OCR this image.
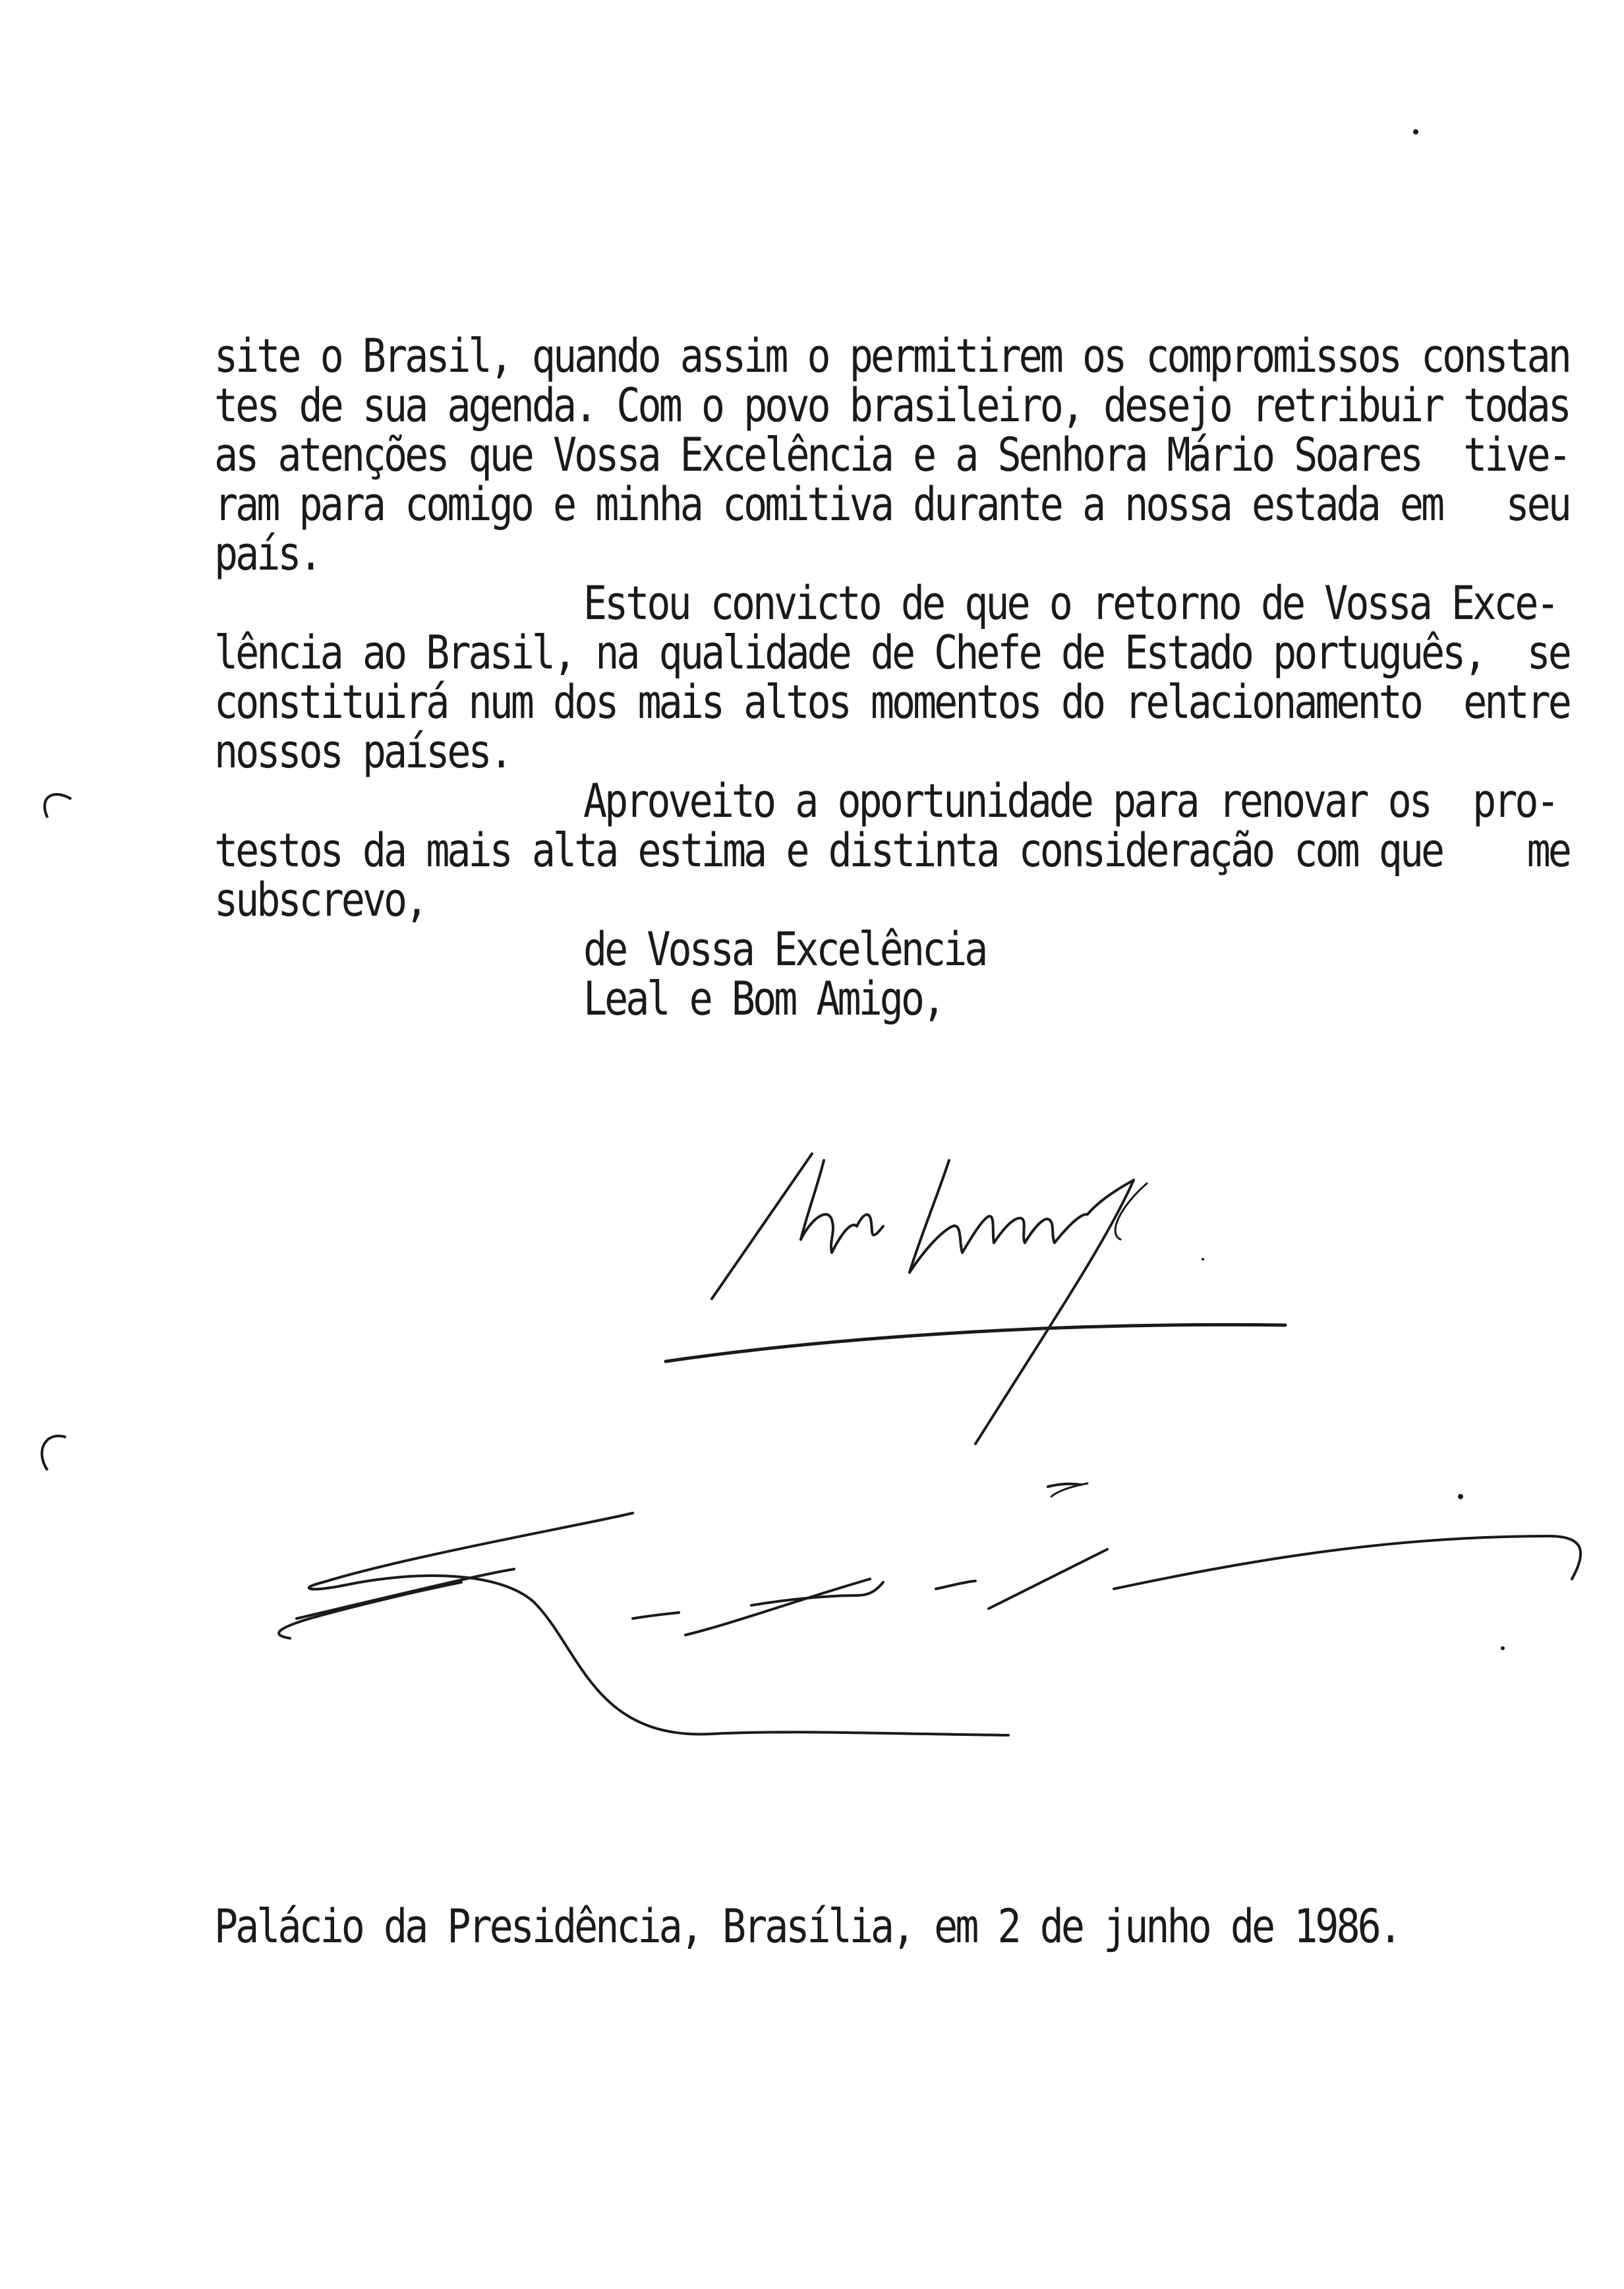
site o Brasil, quando assim o permitirem os compromissos constan
tes de sua agenda. Com o povo brasileiro, desejo retribuir todas
as atenções que Vossa Excelência e a Senhora Mário Soares  tive-
ram para comigo e minha comitiva durante a nossa estada em   seu
país.
Estou convicto de que o retorno de Vossa Exce-
lência ao Brasil, na qualidade de Chefe de Estado português,  se
constituirá num dos mais altos momentos do relacionamento  entre
nossos países.
Aproveito a oportunidade para renovar os  pro-
testos da mais alta estima e distinta consideração com que    me
subscrevo,
de Vossa Excelência
Leal e Bom Amigo,
Palácio da Presidência, Brasília, em 2 de junho de 1986.
